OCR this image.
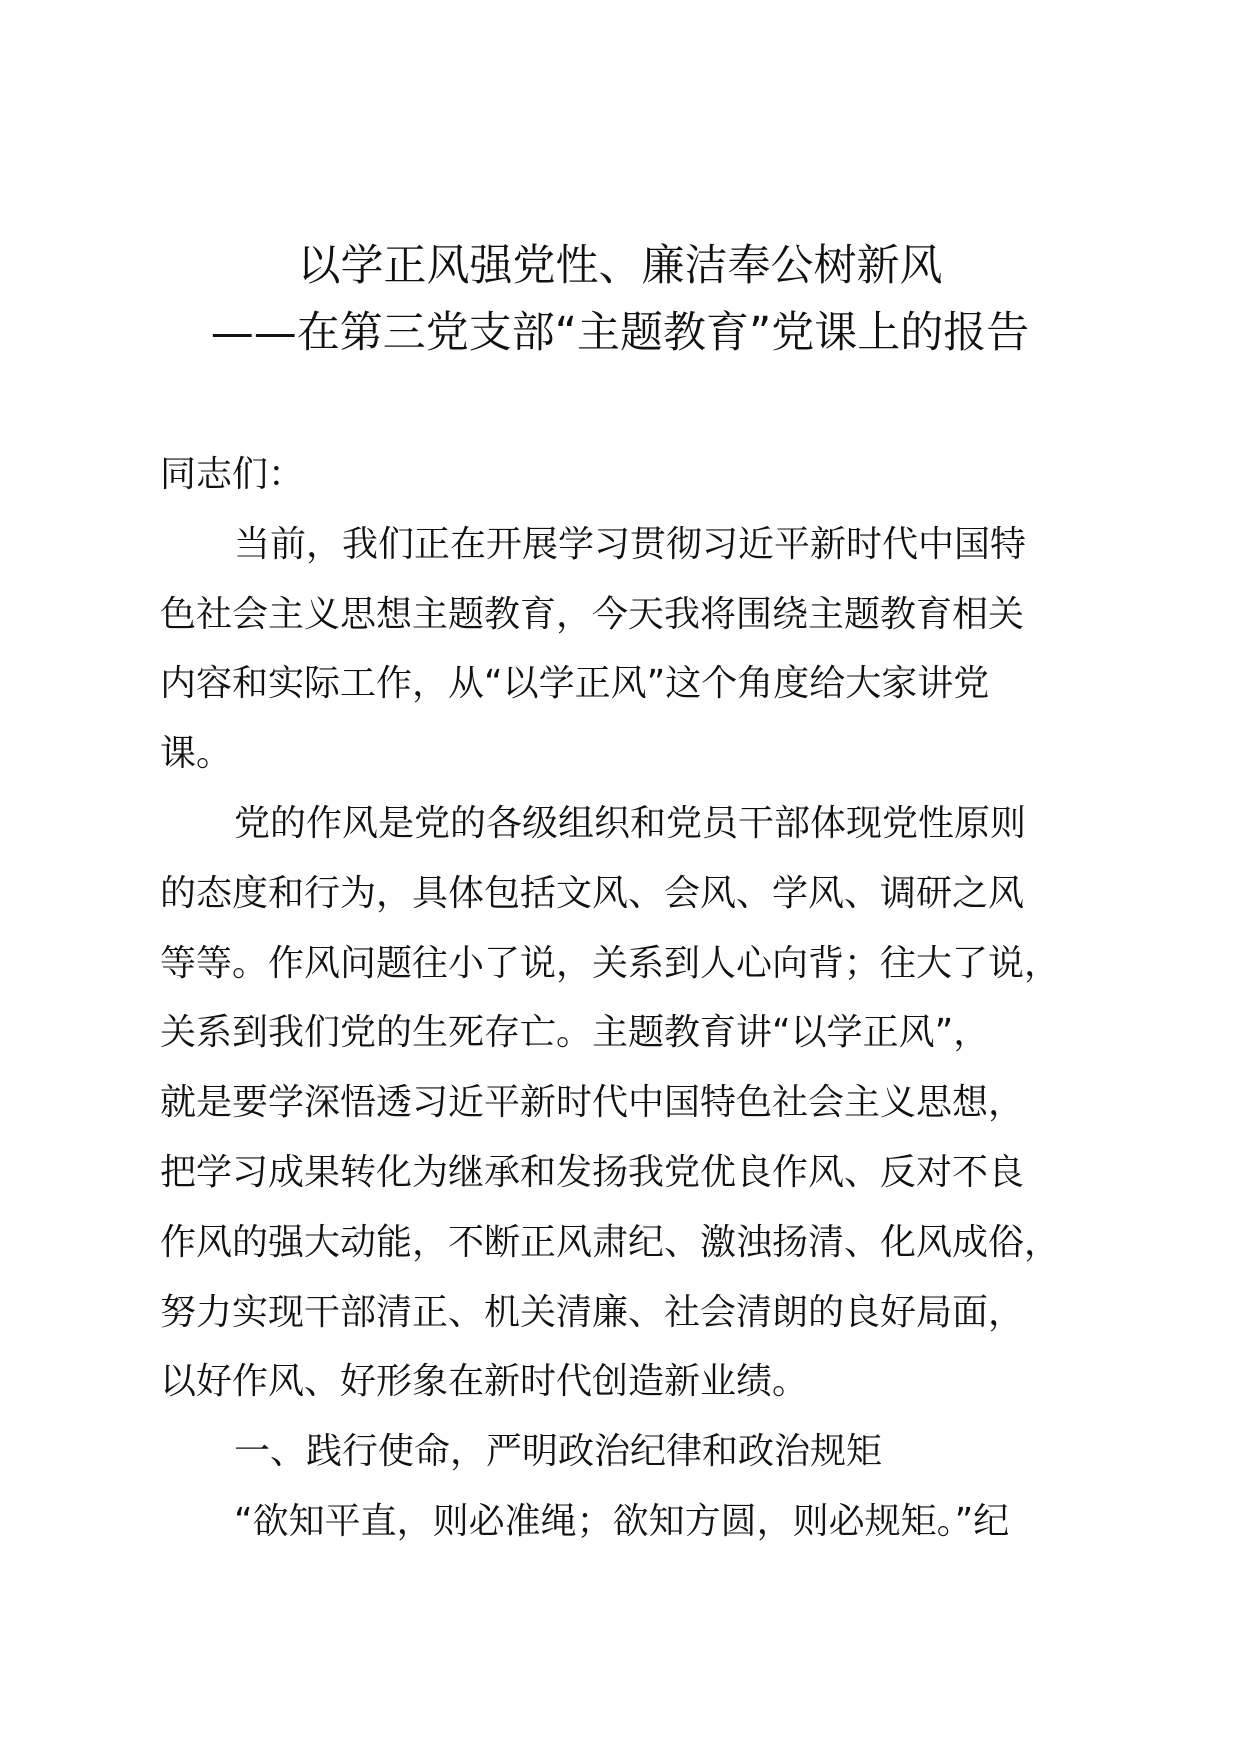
以学正风强党性、廉洁奉公树新风
——在第三党支部“主题教育”党课上的报告
同志们：
当前，我们正在开展学习贯彻习近平新时代中国特
色社会主义思想主题教育，今天我将围绕主题教育相关
内容和实际工作，从“以学正风”这个角度给大家讲党
课。
党的作风是党的各级组织和党员干部体现党性原则
的态度和行为，具体包括文风、会风、学风、调研之风
等等。作风问题往小了说，关系到人心向背；往大了说，
关系到我们党的生死存亡。主题教育讲“以学正风”，
就是要学深悟透习近平新时代中国特色社会主义思想，
把学习成果转化为继承和发扬我党优良作风、反对不良
作风的强大动能，不断正风肃纪、激浊扬清、化风成俗，
努力实现干部清正、机关清廉、社会清朗的良好局面，
以好作风、好形象在新时代创造新业绩。
一、践行使命，严明政治纪律和政治规矩
“欲知平直，则必准绳；欲知方圆，则必规矩。”纪
